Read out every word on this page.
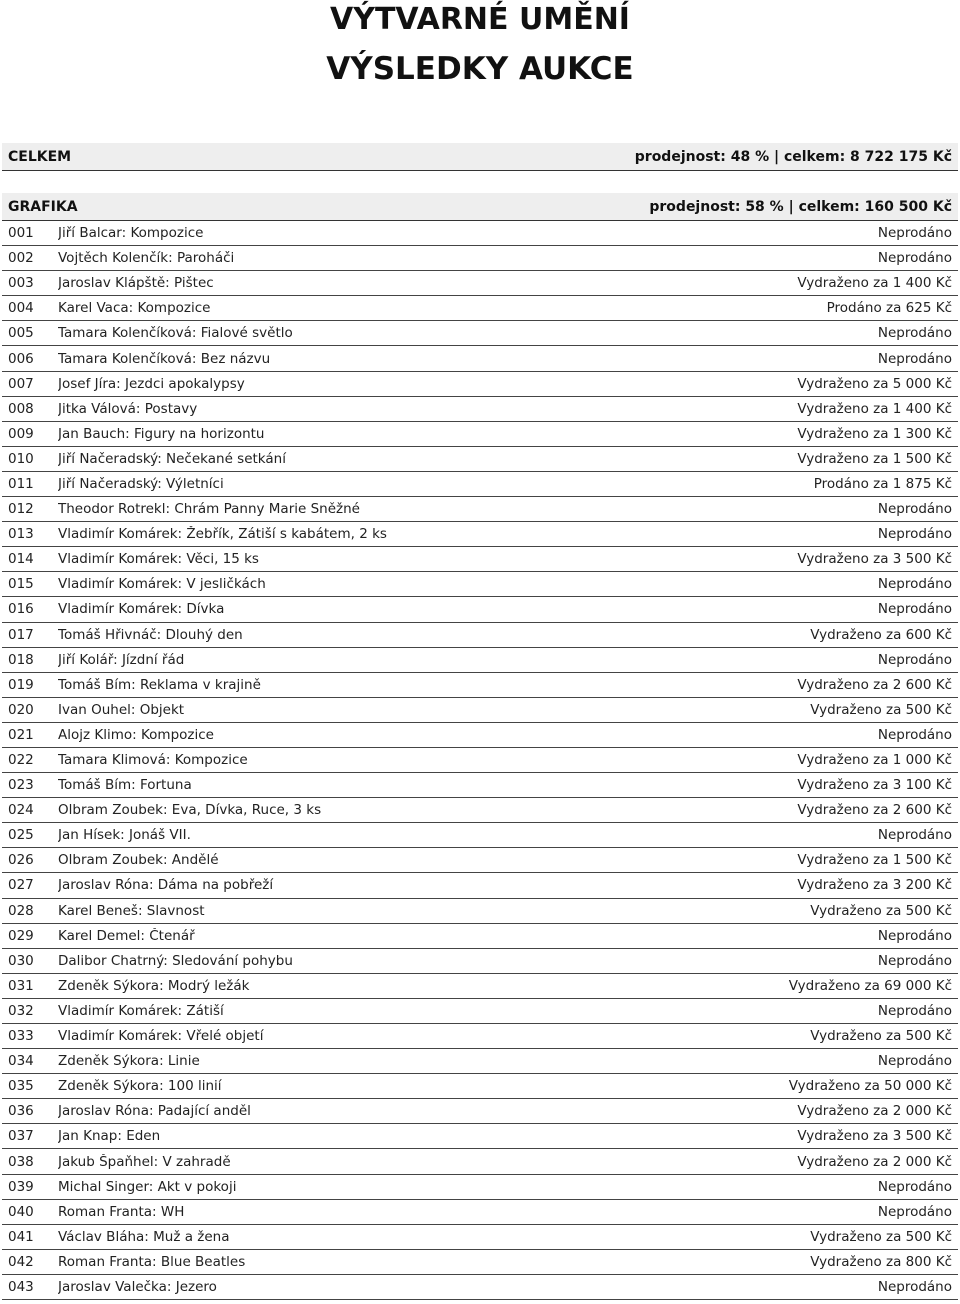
VÝTVARNÉ UMĚNÍ
VÝSLEDKY AUKCE
CELKEM	prodejnost: 48 % | celkem: 8 722 175 Kč
GRAFIKA	prodejnost: 58 % | celkem: 160 500 Kč
001	Jiří Balcar: Kompozice	Neprodáno
002	Vojtěch Kolenčík: Paroháči	Neprodáno
003	Jaroslav Klápště: Pištec	Vydraženo za 1 400 Kč
004	Karel Vaca: Kompozice	Prodáno za 625 Kč
005	Tamara Kolenčíková: Fialové světlo	Neprodáno
006	Tamara Kolenčíková: Bez názvu	Neprodáno
007	Josef Jíra: Jezdci apokalypsy	Vydraženo za 5 000 Kč
008	Jitka Válová: Postavy	Vydraženo za 1 400 Kč
009	Jan Bauch: Figury na horizontu	Vydraženo za 1 300 Kč
010	Jiří Načeradský: Nečekané setkání	Vydraženo za 1 500 Kč
011	Jiří Načeradský: Výletníci	Prodáno za 1 875 Kč
012	Theodor Rotrekl: Chrám Panny Marie Sněžné	Neprodáno
013	Vladimír Komárek: Žebřík, Zátiší s kabátem, 2 ks	Neprodáno
014	Vladimír Komárek: Věci, 15 ks	Vydraženo za 3 500 Kč
015	Vladimír Komárek: V jesličkách	Neprodáno
016	Vladimír Komárek: Dívka	Neprodáno
017	Tomáš Hřivnáč: Dlouhý den	Vydraženo za 600 Kč
018	Jiří Kolář: Jízdní řád	Neprodáno
019	Tomáš Bím: Reklama v krajině	Vydraženo za 2 600 Kč
020	Ivan Ouhel: Objekt	Vydraženo za 500 Kč
021	Alojz Klimo: Kompozice	Neprodáno
022	Tamara Klimová: Kompozice	Vydraženo za 1 000 Kč
023	Tomáš Bím: Fortuna	Vydraženo za 3 100 Kč
024	Olbram Zoubek: Eva, Dívka, Ruce, 3 ks	Vydraženo za 2 600 Kč
025	Jan Hísek: Jonáš VII.	Neprodáno
026	Olbram Zoubek: Andělé	Vydraženo za 1 500 Kč
027	Jaroslav Róna: Dáma na pobřeží	Vydraženo za 3 200 Kč
028	Karel Beneš: Slavnost	Vydraženo za 500 Kč
029	Karel Demel: Čtenář	Neprodáno
030	Dalibor Chatrný: Sledování pohybu	Neprodáno
031	Zdeněk Sýkora: Modrý ležák	Vydraženo za 69 000 Kč
032	Vladimír Komárek: Zátiší	Neprodáno
033	Vladimír Komárek: Vřelé objetí	Vydraženo za 500 Kč
034	Zdeněk Sýkora: Linie	Neprodáno
035	Zdeněk Sýkora: 100 linií	Vydraženo za 50 000 Kč
036	Jaroslav Róna: Padající anděl	Vydraženo za 2 000 Kč
037	Jan Knap: Eden	Vydraženo za 3 500 Kč
038	Jakub Špaňhel: V zahradě	Vydraženo za 2 000 Kč
039	Michal Singer: Akt v pokoji	Neprodáno
040	Roman Franta: WH	Neprodáno
041	Václav Bláha: Muž a žena	Vydraženo za 500 Kč
042	Roman Franta: Blue Beatles	Vydraženo za 800 Kč
043	Jaroslav Valečka: Jezero	Neprodáno
